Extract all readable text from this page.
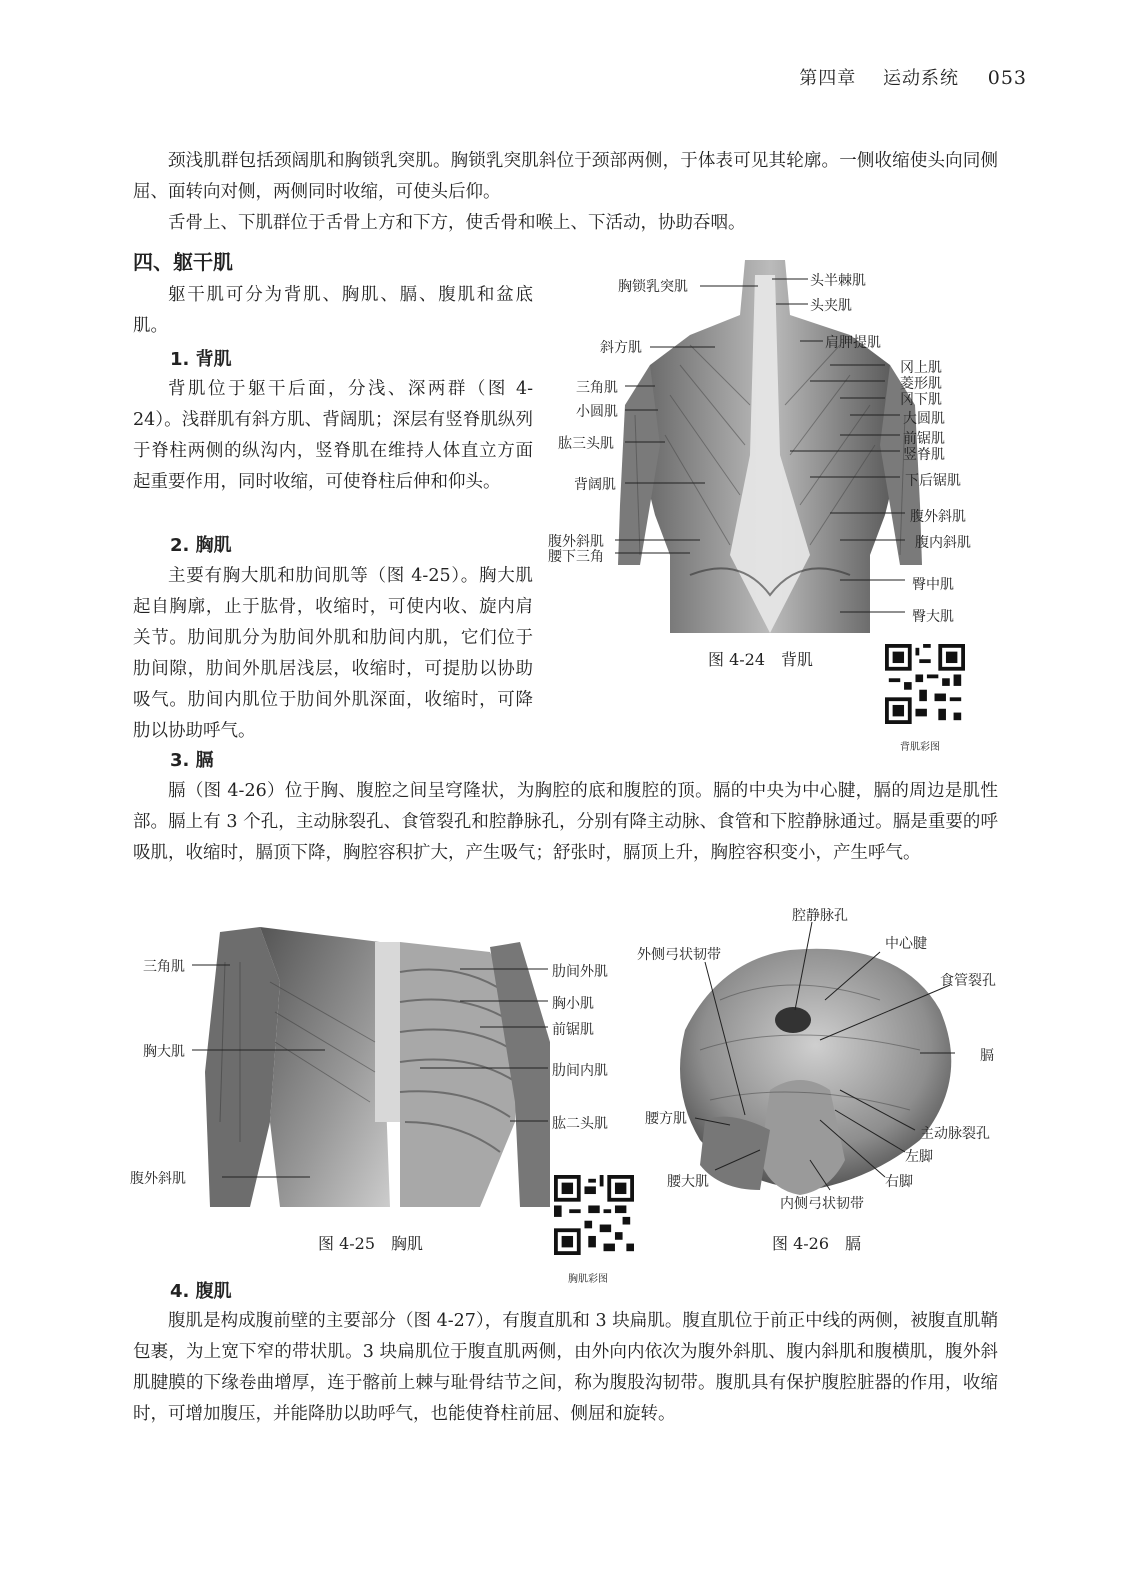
第四章 运动系统 053

颈浅肌群包括颈阔肌和胸锁乳突肌。胸锁乳突肌斜位于颈部两侧，于体表可见其轮廓。一侧收缩使头向同侧屈、面转向对侧，两侧同时收缩，可使头后仰。

舌骨上、下肌群位于舌骨上方和下方，使舌骨和喉上、下活动，协助吞咽。

四、躯干肌

躯干肌可分为背肌、胸肌、膈、腹肌和盆底肌。

1. 背肌

背肌位于躯干后面，分浅、深两群（图 4-24）。浅群肌有斜方肌、背阔肌；深层有竖脊肌纵列于脊柱两侧的纵沟内，竖脊肌在维持人体直立方面起重要作用，同时收缩，可使脊柱后伸和仰头。

2. 胸肌

主要有胸大肌和肋间肌等（图 4-25）。胸大肌起自胸廓，止于肱骨，收缩时，可使内收、旋内肩关节。肋间肌分为肋间外肌和肋间内肌，它们位于肋间隙，肋间外肌居浅层，收缩时，可提肋以协助吸气。肋间内肌位于肋间外肌深面，收缩时，可降肋以协助呼气。

3. 膈

膈（图 4-26）位于胸、腹腔之间呈穹隆状，为胸腔的底和腹腔的顶。膈的中央为中心腱，膈的周边是肌性部。膈上有 3 个孔，主动脉裂孔、食管裂孔和腔静脉孔，分别有降主动脉、食管和下腔静脉通过。膈是重要的呼吸肌，收缩时，膈顶下降，胸腔容积扩大，产生吸气；舒张时，膈顶上升，胸腔容积变小，产生呼气。

胸锁乳突肌
斜方肌
三角肌
小圆肌
肱三头肌
背阔肌
腹外斜肌
腰下三角
头半棘肌
头夹肌
肩胛提肌
冈上肌
菱形肌
冈下肌
大圆肌
前锯肌
竖脊肌
下后锯肌
腹外斜肌
腹内斜肌
臀中肌
臀大肌
图 4-24　背肌
背肌彩图
三角肌
胸大肌
腹外斜肌
肋间外肌
胸小肌
前锯肌
肋间内肌
肱二头肌
图 4-25　胸肌
胸肌彩图
腔静脉孔
中心腱
外侧弓状韧带
食管裂孔
膈
腰方肌
主动脉裂孔
左脚
右脚
腰大肌
内侧弓状韧带
图 4-26　膈
4. 腹肌

腹肌是构成腹前壁的主要部分（图 4-27），有腹直肌和 3 块扁肌。腹直肌位于前正中线的两侧，被腹直肌鞘包裹，为上宽下窄的带状肌。3 块扁肌位于腹直肌两侧，由外向内依次为腹外斜肌、腹内斜肌和腹横肌，腹外斜肌腱膜的下缘卷曲增厚，连于髂前上棘与耻骨结节之间，称为腹股沟韧带。腹肌具有保护腹腔脏器的作用，收缩时，可增加腹压，并能降肋以助呼气，也能使脊柱前屈、侧屈和旋转。
